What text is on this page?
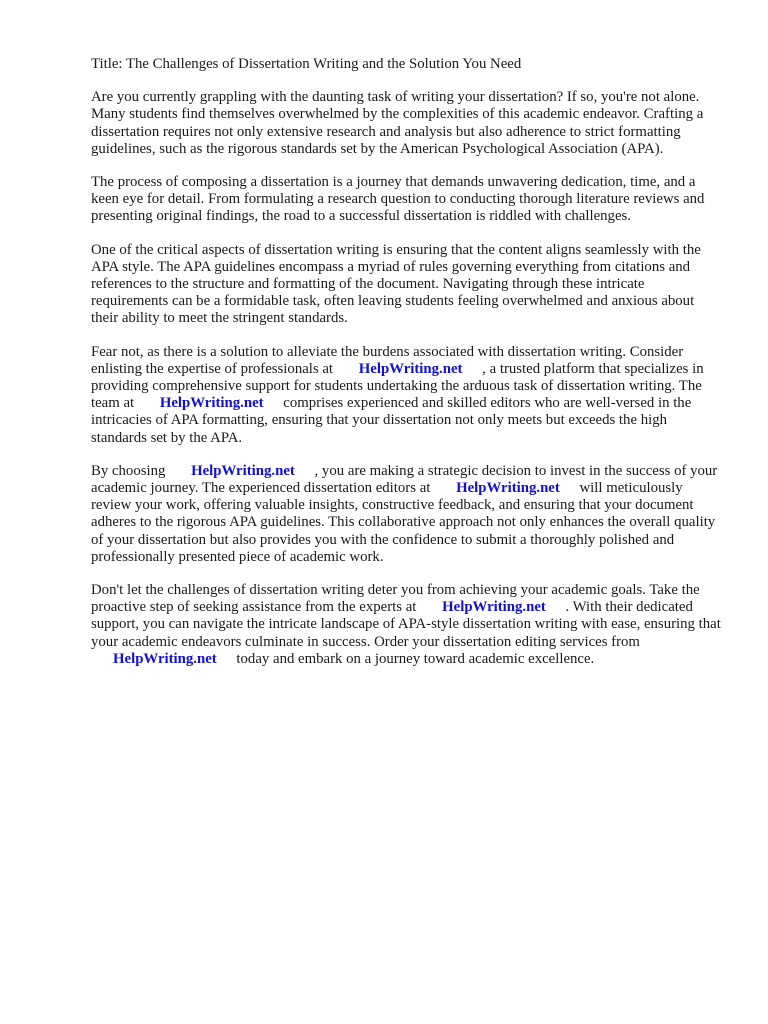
Title: The Challenges of Dissertation Writing and the Solution You Need

Are you currently grappling with the daunting task of writing your dissertation? If so, you're not alone. Many students find themselves overwhelmed by the complexities of this academic endeavor. Crafting a dissertation requires not only extensive research and analysis but also adherence to strict formatting guidelines, such as the rigorous standards set by the American Psychological Association (APA).

The process of composing a dissertation is a journey that demands unwavering dedication, time, and a keen eye for detail. From formulating a research question to conducting thorough literature reviews and presenting original findings, the road to a successful dissertation is riddled with challenges.

One of the critical aspects of dissertation writing is ensuring that the content aligns seamlessly with the APA style. The APA guidelines encompass a myriad of rules governing everything from citations and references to the structure and formatting of the document. Navigating through these intricate requirements can be a formidable task, often leaving students feeling overwhelmed and anxious about their ability to meet the stringent standards.

Fear not, as there is a solution to alleviate the burdens associated with dissertation writing. Consider enlisting the expertise of professionals at HelpWriting.net , a trusted platform that specializes in providing comprehensive support for students undertaking the arduous task of dissertation writing. The team at HelpWriting.net comprises experienced and skilled editors who are well-versed in the intricacies of APA formatting, ensuring that your dissertation not only meets but exceeds the high standards set by the APA.

By choosing HelpWriting.net , you are making a strategic decision to invest in the success of your academic journey. The experienced dissertation editors at HelpWriting.net will meticulously review your work, offering valuable insights, constructive feedback, and ensuring that your document adheres to the rigorous APA guidelines. This collaborative approach not only enhances the overall quality of your dissertation but also provides you with the confidence to submit a thoroughly polished and professionally presented piece of academic work.

Don't let the challenges of dissertation writing deter you from achieving your academic goals. Take the proactive step of seeking assistance from the experts at HelpWriting.net . With their dedicated support, you can navigate the intricate landscape of APA-style dissertation writing with ease, ensuring that your academic endeavors culminate in success. Order your dissertation editing services from HelpWriting.net today and embark on a journey toward academic excellence.
